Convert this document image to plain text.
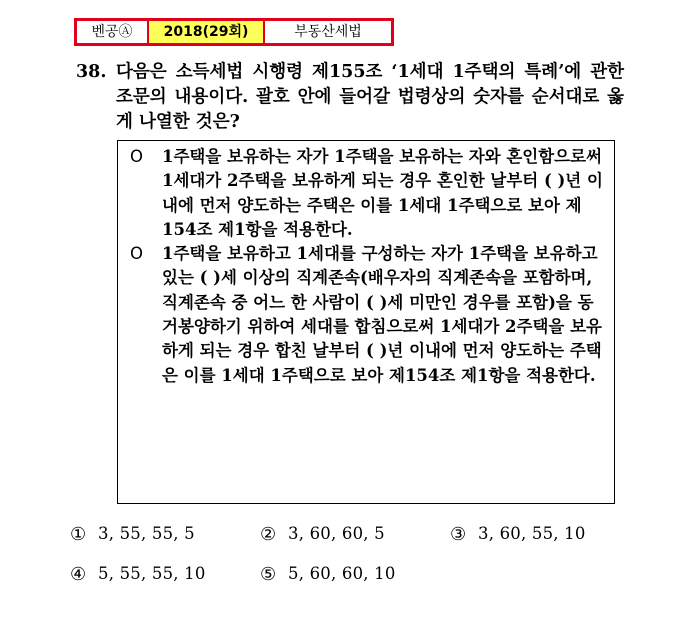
벤공Ⓐ	2018(29회)	부동산세법
38. 다음은 소득세법 시행령 제155조 ‘1세대 1주택의 특례’에 관한 조문의 내용이다. 괄호 안에 들어갈 법령상의 숫자를 순서대로 옳게 나열한 것은?
O	1주택을 보유하는 자가 1주택을 보유하는 자와 혼인함으로써 1세대가 2주택을 보유하게 되는 경우 혼인한 날부터 ( )년 이내에 먼저 양도하는 주택은 이를 1세대 1주택으로 보아 제154조 제1항을 적용한다.
O	1주택을 보유하고 1세대를 구성하는 자가 1주택을 보유하고 있는 ( )세 이상의 직계존속(배우자의 직계존속을 포함하며, 직계존속 중 어느 한 사람이 ( )세 미만인 경우를 포함)을 동거봉양하기 위하여 세대를 합침으로써 1세대가 2주택을 보유하게 되는 경우 합친 날부터 ( )년 이내에 먼저 양도하는 주택은 이를 1세대 1주택으로 보아 제154조 제1항을 적용한다.
① 3, 55, 55, 5	② 3, 60, 60, 5	③ 3, 60, 55, 10
④ 5, 55, 55, 10	⑤ 5, 60, 60, 10
